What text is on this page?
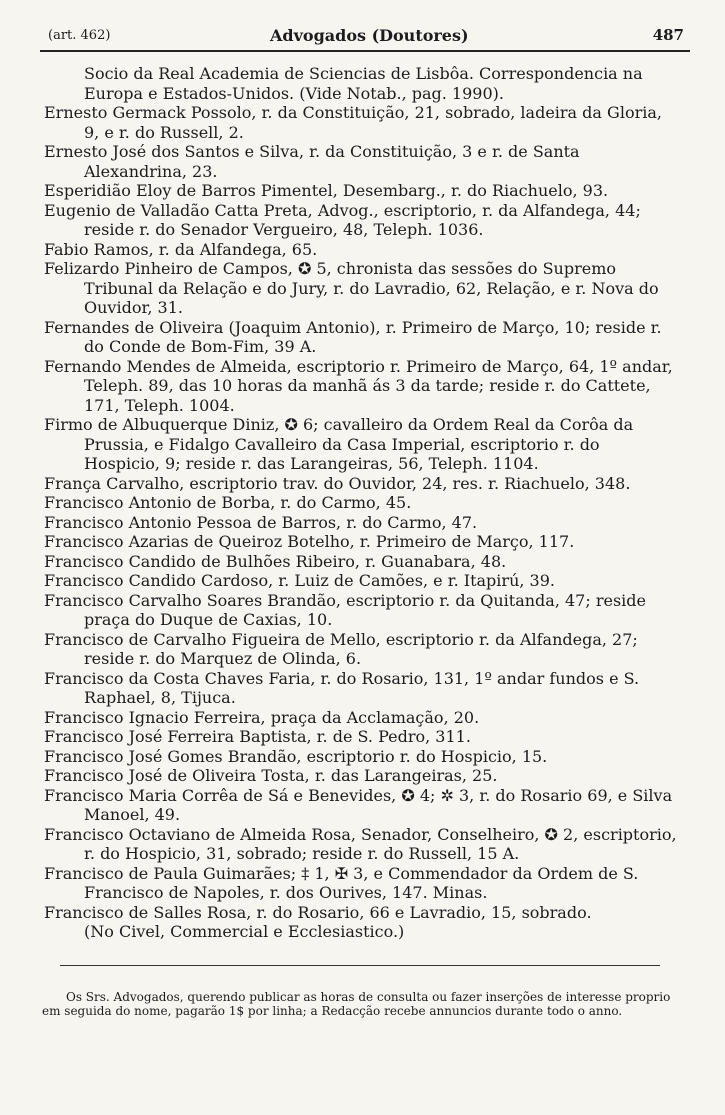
(art. 462)	Advogados (Doutores)	487

Socio da Real Academia de Sciencias de Lisbôa. Correspondencia na Europa e Estados-Unidos. (Vide Notab., pag. 1990).

Ernesto Germack Possolo, r. da Constituição, 21, sobrado, ladeira da Gloria, 9, e r. do Russell, 2.

Ernesto José dos Santos e Silva, r. da Constituição, 3 e r. de Santa Alexandrina, 23.

Esperidião Eloy de Barros Pimentel, Desembarg., r. do Riachuelo, 93.

Eugenio de Valladão Catta Preta, Advog., escriptorio, r. da Alfandega, 44; reside r. do Senador Vergueiro, 48, Teleph. 1036.

Fabio Ramos, r. da Alfandega, 65.

Felizardo Pinheiro de Campos, ✪ 5, chronista das sessões do Supremo Tribunal da Relação e do Jury, r. do Lavradio, 62, Relação, e r. Nova do Ouvidor, 31.

Fernandes de Oliveira (Joaquim Antonio), r. Primeiro de Março, 10; reside r. do Conde de Bom-Fim, 39 A.

Fernando Mendes de Almeida, escriptorio r. Primeiro de Março, 64, 1º andar, Teleph. 89, das 10 horas da manhã ás 3 da tarde; reside r. do Cattete, 171, Teleph. 1004.

Firmo de Albuquerque Diniz, ✪ 6; cavalleiro da Ordem Real da Corôa da Prussia, e Fidalgo Cavalleiro da Casa Imperial, escriptorio r. do Hospicio, 9; reside r. das Larangeiras, 56, Teleph. 1104.

França Carvalho, escriptorio trav. do Ouvidor, 24, res. r. Riachuelo, 348.

Francisco Antonio de Borba, r. do Carmo, 45.

Francisco Antonio Pessoa de Barros, r. do Carmo, 47.

Francisco Azarias de Queiroz Botelho, r. Primeiro de Março, 117.

Francisco Candido de Bulhões Ribeiro, r. Guanabara, 48.

Francisco Candido Cardoso, r. Luiz de Camões, e r. Itapirú, 39.

Francisco Carvalho Soares Brandão, escriptorio r. da Quitanda, 47; reside praça do Duque de Caxias, 10.

Francisco de Carvalho Figueira de Mello, escriptorio r. da Alfandega, 27; reside r. do Marquez de Olinda, 6.

Francisco da Costa Chaves Faria, r. do Rosario, 131, 1º andar fundos e S. Raphael, 8, Tijuca.

Francisco Ignacio Ferreira, praça da Acclamação, 20.

Francisco José Ferreira Baptista, r. de S. Pedro, 311.

Francisco José Gomes Brandão, escriptorio r. do Hospicio, 15.

Francisco José de Oliveira Tosta, r. das Larangeiras, 25.

Francisco Maria Corrêa de Sá e Benevides, ✪ 4; ✲ 3, r. do Rosario 69, e Silva Manoel, 49.

Francisco Octaviano de Almeida Rosa, Senador, Conselheiro, ✪ 2, escriptorio, r. do Hospicio, 31, sobrado; reside r. do Russell, 15 A.

Francisco de Paula Guimarães; ‡ 1, ✠ 3, e Commendador da Ordem de S. Francisco de Napoles, r. dos Ourives, 147. Minas.

Francisco de Salles Rosa, r. do Rosario, 66 e Lavradio, 15, sobrado.

(No Civel, Commercial e Ecclesiastico.)

Os Srs. Advogados, querendo publicar as horas de consulta ou fazer inserções de interesse proprio em seguida do nome, pagarão 1$ por linha; a Redacção recebe annuncios durante todo o anno.
